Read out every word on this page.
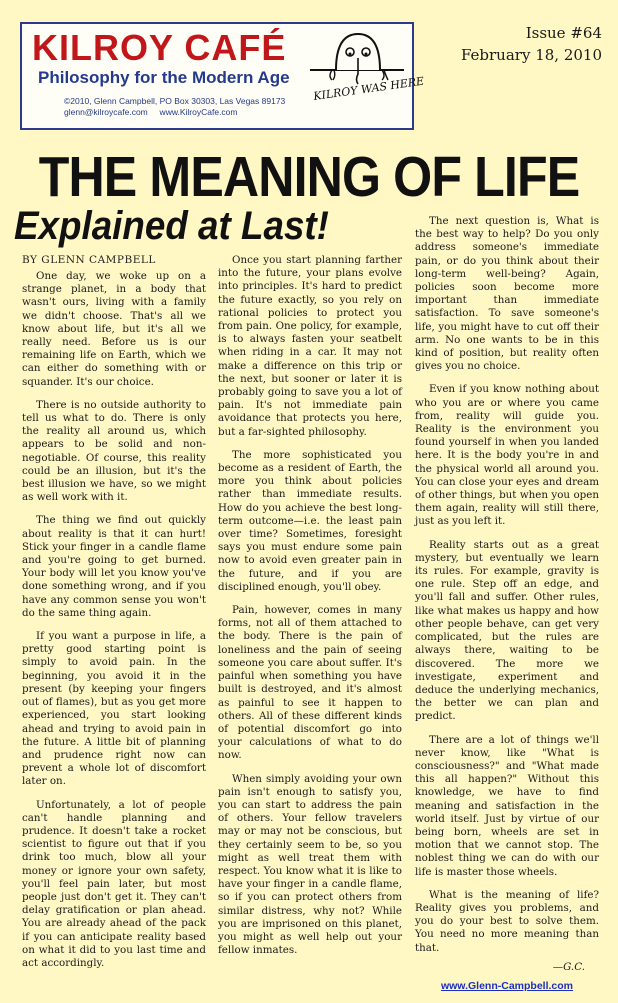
KILROY CAFÉ
Philosophy for the Modern Age
©2010, Glenn Campbell, PO Box 30303, Las Vegas 89173
glenn@kilroycafe.com     www.KilroyCafe.com
KILROY WAS HERE
Issue #64
February 18, 2010
THE MEANING OF LIFE
Explained at Last!
BY GLENN CAMPBELL

One day, we woke up on a strange planet, in a body that wasn't ours, living with a family we didn't choose. That's all we know about life, but it's all we really need. Before us is our remaining life on Earth, which we can either do something with or squander. It's our choice.

There is no outside authority to tell us what to do. There is only the reality all around us, which appears to be solid and non-negotiable. Of course, this reality could be an illusion, but it's the best illusion we have, so we might as well work with it.

The thing we find out quickly about reality is that it can hurt! Stick your finger in a candle flame and you're going to get burned. Your body will let you know you've done something wrong, and if you have any common sense you won't do the same thing again.

If you want a purpose in life, a pretty good starting point is simply to avoid pain. In the beginning, you avoid it in the present (by keeping your fingers out of flames), but as you get more experienced, you start looking ahead and trying to avoid pain in the future. A little bit of planning and prudence right now can prevent a whole lot of discomfort later on.

Unfortunately, a lot of people can't handle planning and prudence. It doesn't take a rocket scientist to figure out that if you drink too much, blow all your money or ignore your own safety, you'll feel pain later, but most people just don't get it. They can't delay gratification or plan ahead. You are already ahead of the pack if you can anticipate reality based on what it did to you last time and act accordingly.

Once you start planning farther into the future, your plans evolve into principles. It's hard to predict the future exactly, so you rely on rational policies to protect you from pain. One policy, for example, is to always fasten your seatbelt when riding in a car. It may not make a difference on this trip or the next, but sooner or later it is probably going to save you a lot of pain. It's not immediate pain avoidance that protects you here, but a far-sighted philosophy.

The more sophisticated you become as a resident of Earth, the more you think about policies rather than immediate results. How do you achieve the best long-term outcome—i.e. the least pain over time? Sometimes, foresight says you must endure some pain now to avoid even greater pain in the future, and if you are disciplined enough, you'll obey.

Pain, however, comes in many forms, not all of them attached to the body. There is the pain of loneliness and the pain of seeing someone you care about suffer. It's painful when something you have built is destroyed, and it's almost as painful to see it happen to others. All of these different kinds of potential discomfort go into your calculations of what to do now.

When simply avoiding your own pain isn't enough to satisfy you, you can start to address the pain of others. Your fellow travelers may or may not be conscious, but they certainly seem to be, so you might as well treat them with respect. You know what it is like to have your finger in a candle flame, so if you can protect others from similar distress, why not? While you are imprisoned on this planet, you might as well help out your fellow inmates.

The next question is, What is the best way to help? Do you only address someone's immediate pain, or do you think about their long-term well-being? Again, policies soon become more important than immediate satisfaction. To save someone's life, you might have to cut off their arm. No one wants to be in this kind of position, but reality often gives you no choice.

Even if you know nothing about who you are or where you came from, reality will guide you. Reality is the environment you found yourself in when you landed here. It is the body you're in and the physical world all around you. You can close your eyes and dream of other things, but when you open them again, reality will still there, just as you left it.

Reality starts out as a great mystery, but eventually we learn its rules. For example, gravity is one rule. Step off an edge, and you'll fall and suffer. Other rules, like what makes us happy and how other people behave, can get very complicated, but the rules are always there, waiting to be discovered. The more we investigate, experiment and deduce the underlying mechanics, the better we can plan and predict.

There are a lot of things we'll never know, like "What is consciousness?" and "What made this all happen?" Without this knowledge, we have to find meaning and satisfaction in the world itself. Just by virtue of our being born, wheels are set in motion that we cannot stop. The noblest thing we can do with our life is master those wheels.

What is the meaning of life? Reality gives you problems, and you do your best to solve them. You need no more meaning than that.

—G.C.

www.Glenn-Campbell.com
